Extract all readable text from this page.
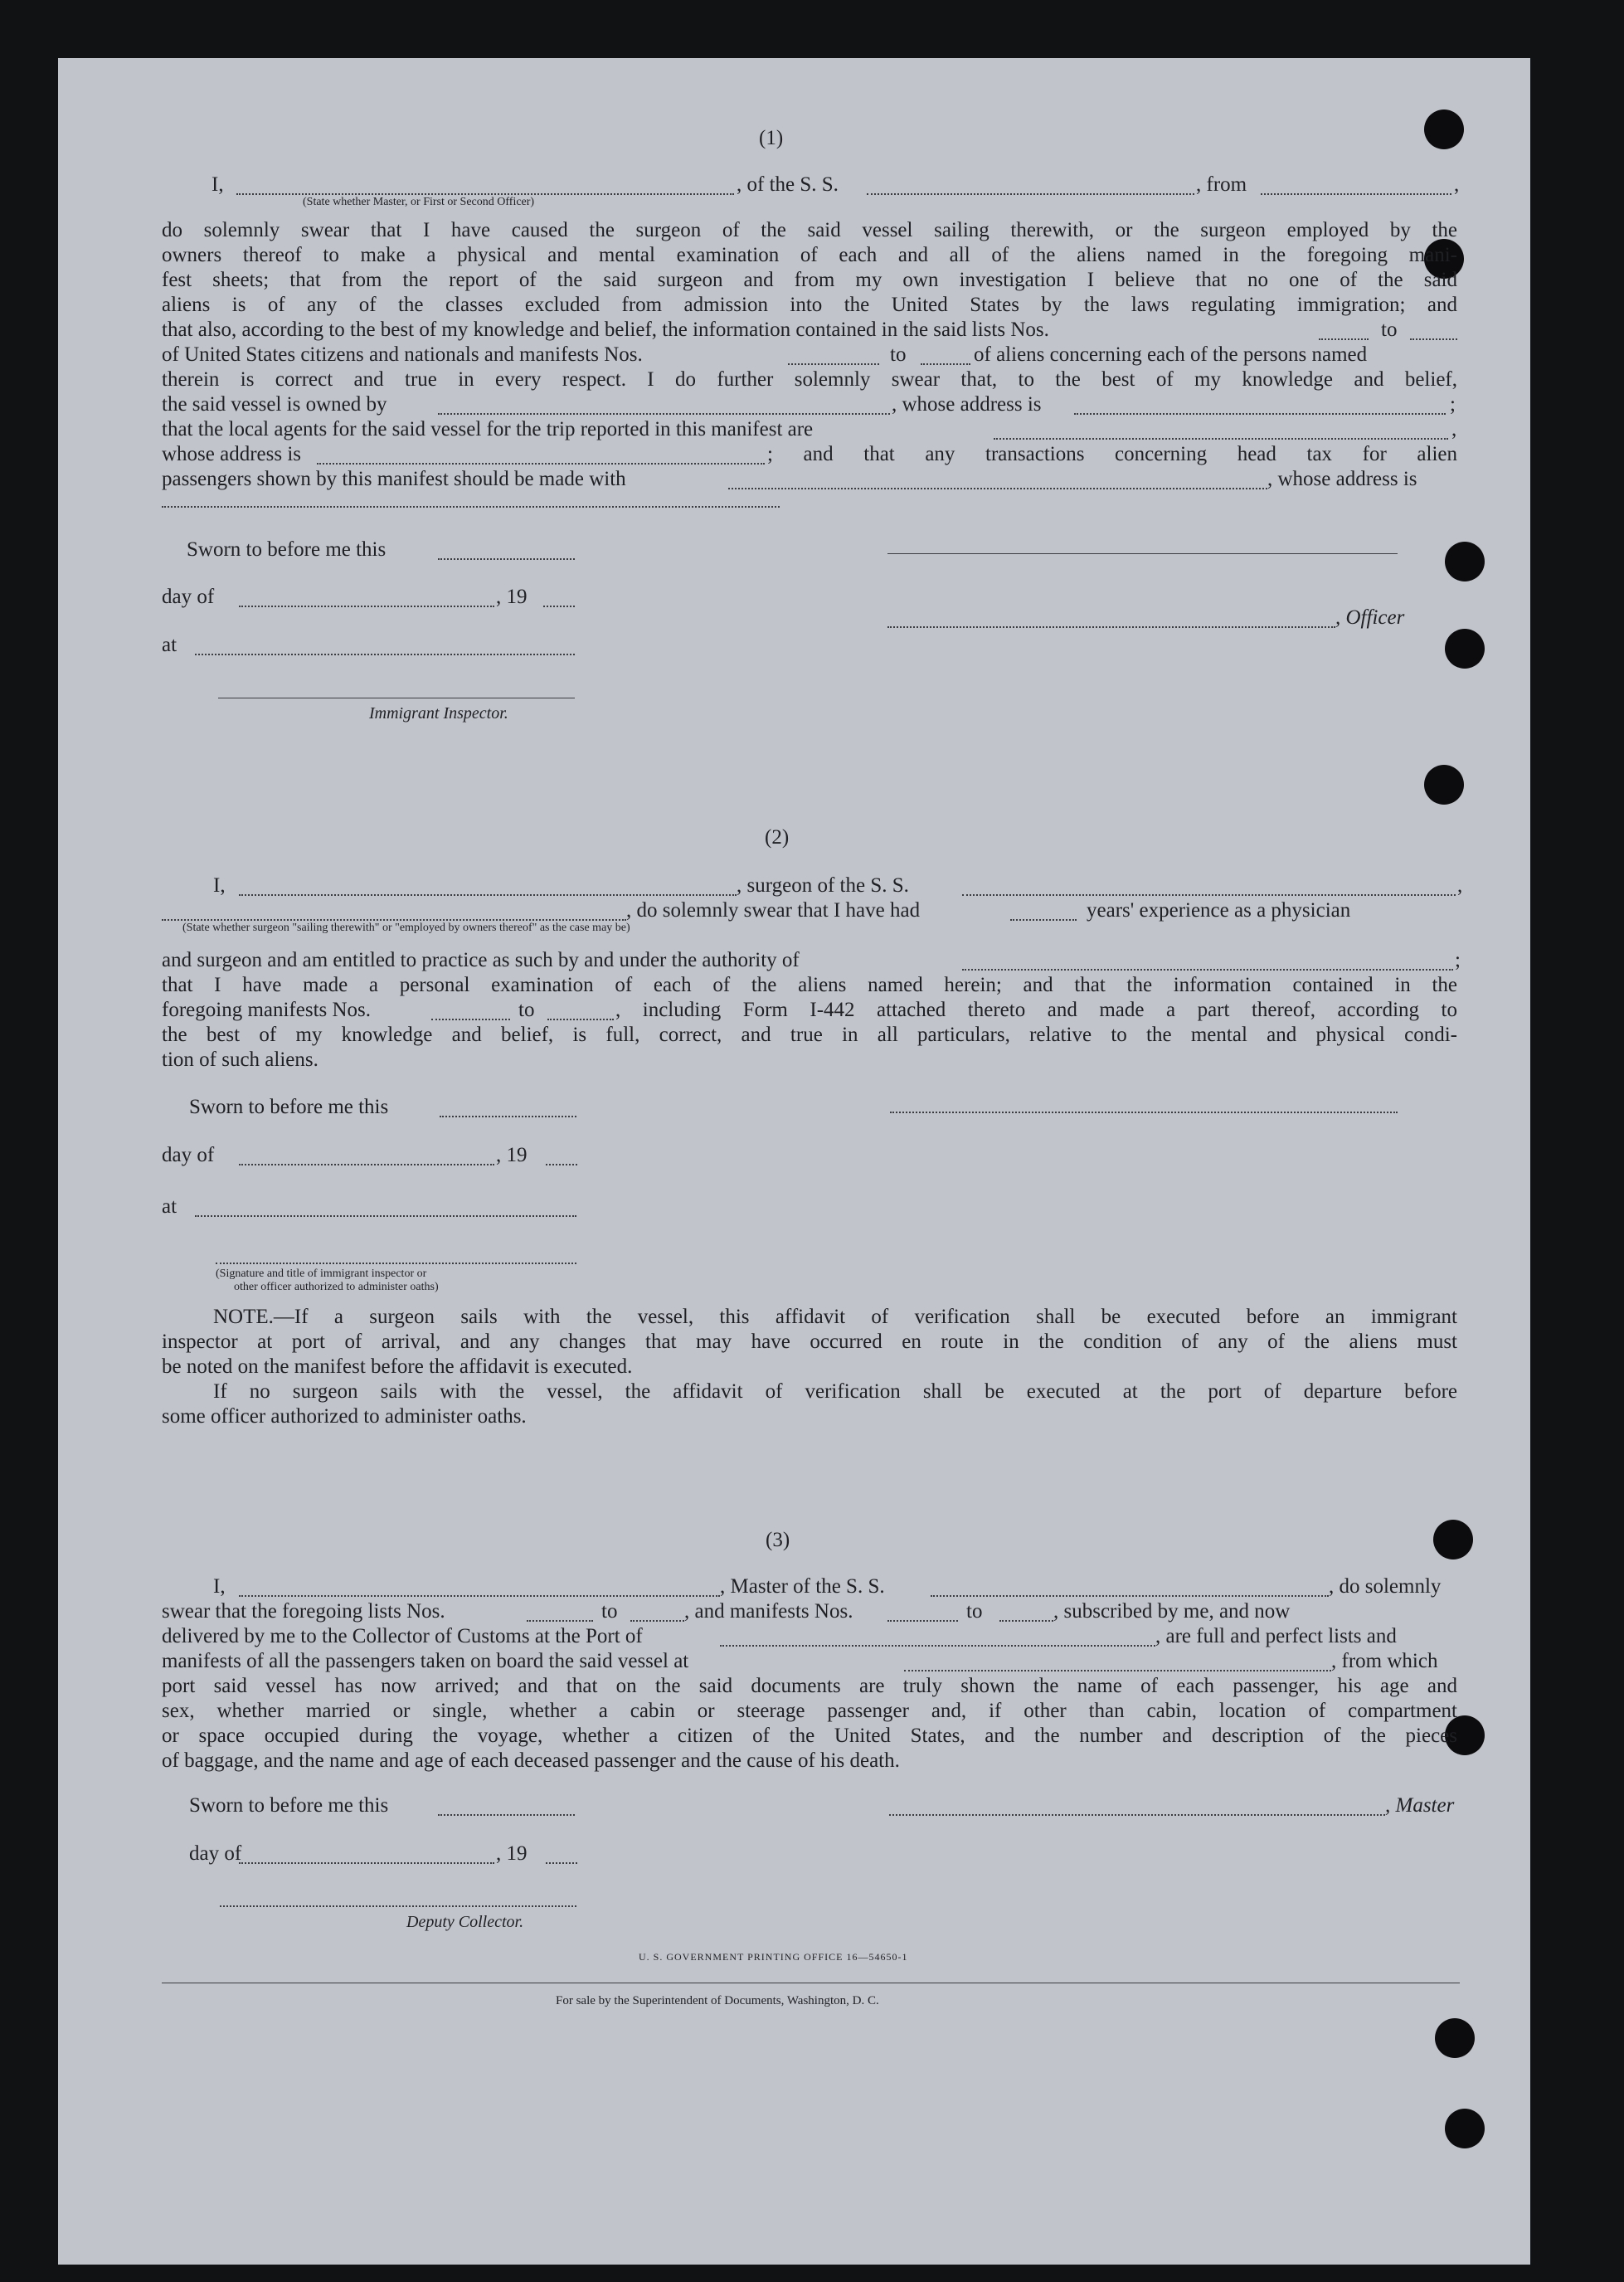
(1)
I,	, of the S. S.	, from	,
(State whether Master, or First or Second Officer)
do solemnly swear that I have caused the surgeon of the said vessel sailing therewith, or the surgeon employed by the
owners thereof to make a physical and mental examination of each and all of the aliens named in the foregoing mani-
fest sheets; that from the report of the said surgeon and from my own investigation I believe that no one of the said
aliens is of any of the classes excluded from admission into the United States by the laws regulating immigration; and
that also, according to the best of my knowledge and belief, the information contained in the said lists Nos.	to
of United States citizens and nationals and manifests Nos.	to	of aliens concerning each of the persons named
therein is correct and true in every respect. I do further solemnly swear that, to the best of my knowledge and belief,
the said vessel is owned by	, whose address is	;
that the local agents for the said vessel for the trip reported in this manifest are	,
whose address is	; and that any transactions concerning head tax for alien
passengers shown by this manifest should be made with	, whose address is
Sworn to before me this
day of	, 19
, Officer
at
Immigrant Inspector.
(2)
I,	, surgeon of the S. S.	,
, do solemnly swear that I have had	years' experience as a physician
(State whether surgeon "sailing therewith" or "employed by owners thereof" as the case may be)
and surgeon and am entitled to practice as such by and under the authority of	;
that I have made a personal examination of each of the aliens named herein; and that the information contained in the
foregoing manifests Nos.	to	, including Form I-442 attached thereto and made a part thereof, according to
the best of my knowledge and belief, is full, correct, and true in all particulars, relative to the mental and physical condi-
tion of such aliens.
Sworn to before me this
day of	, 19
at
(Signature and title of immigrant inspector or
other officer authorized to administer oaths)
NOTE.—If a surgeon sails with the vessel, this affidavit of verification shall be executed before an immigrant
inspector at port of arrival, and any changes that may have occurred en route in the condition of any of the aliens must
be noted on the manifest before the affidavit is executed.
If no surgeon sails with the vessel, the affidavit of verification shall be executed at the port of departure before
some officer authorized to administer oaths.
(3)
I,	, Master of the S. S.	, do solemnly
swear that the foregoing lists Nos.	to	, and manifests Nos.	to	, subscribed by me, and now
delivered by me to the Collector of Customs at the Port of	, are full and perfect lists and
manifests of all the passengers taken on board the said vessel at	, from which
port said vessel has now arrived; and that on the said documents are truly shown the name of each passenger, his age and
sex, whether married or single, whether a cabin or steerage passenger and, if other than cabin, location of compartment
or space occupied during the voyage, whether a citizen of the United States, and the number and description of the pieces
of baggage, and the name and age of each deceased passenger and the cause of his death.
Sworn to before me this	, Master
day of	, 19
Deputy Collector.
U. S. GOVERNMENT PRINTING OFFICE 16—54650-1
For sale by the Superintendent of Documents, Washington, D. C.
